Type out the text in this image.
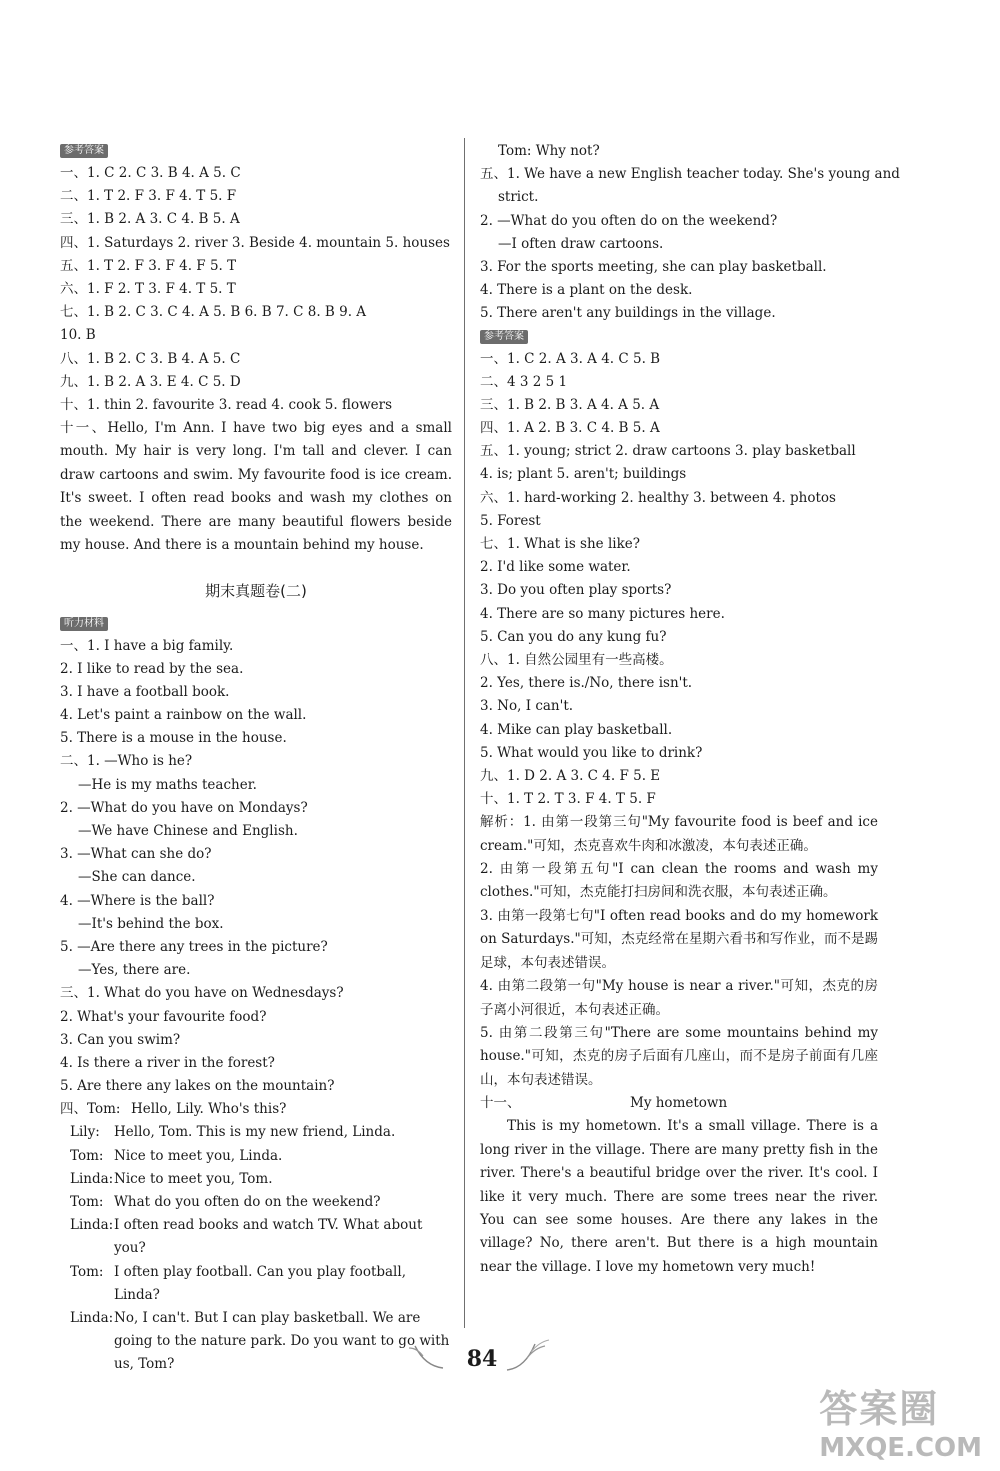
参考答案
一、1. C 2. C 3. B 4. A 5. C
二、1. T 2. F 3. F 4. T 5. F
三、1. B 2. A 3. C 4. B 5. A
四、1. Saturdays 2. river 3. Beside 4. mountain 5. houses
五、1. T 2. F 3. F 4. F 5. T
六、1. F 2. T 3. F 4. T 5. T
七、1. B 2. C 3. C 4. A 5. B 6. B 7. C 8. B 9. A
10. B
八、1. B 2. C 3. B 4. A 5. C
九、1. B 2. A 3. E 4. C 5. D
十、1. thin 2. favourite 3. read 4. cook 5. flowers
十一、Hello, I'm Ann. I have two big eyes and a small mouth. My hair is very long. I'm tall and clever. I can draw cartoons and swim. My favourite food is ice cream. It's sweet. I often read books and wash my clothes on the weekend. There are many beautiful flowers beside my house. And there is a mountain behind my house.
期末真题卷(二)
听力材料
一、1. I have a big family.
2. I like to read by the sea.
3. I have a football book.
4. Let's paint a rainbow on the wall.
5. There is a mouse in the house.
二、1. —Who is he?
—He is my maths teacher.
2. —What do you have on Mondays?
—We have Chinese and English.
3. —What can she do?
—She can dance.
4. —Where is the ball?
—It's behind the box.
5. —Are there any trees in the picture?
—Yes, there are.
三、1. What do you have on Wednesdays?
2. What's your favourite food?
3. Can you swim?
4. Is there a river in the forest?
5. Are there any lakes on the mountain?
四、 Tom: Hello, Lily. Who's this?
Lily:	Hello, Tom. This is my new friend, Linda.
Tom: Nice to meet you, Linda.
Linda: Nice to meet you, Tom.
Tom: What do you often do on the weekend?
Linda: I often read books and watch TV. What about you?
Tom: I often play football. Can you play football, Linda?
Linda: No, I can't. But I can play basketball. We are going to the nature park. Do you want to go with us, Tom?
Tom: Why not?
五、1. We have a new English teacher today. She's young and
strict.
2. —What do you often do on the weekend?
—I often draw cartoons.
3. For the sports meeting, she can play basketball.
4. There is a plant on the desk.
5. There aren't any buildings in the village.
参考答案
一、1. C 2. A 3. A 4. C 5. B
二、4 3 2 5 1
三、1. B 2. B 3. A 4. A 5. A
四、1. A 2. B 3. C 4. B 5. A
五、1. young; strict 2. draw cartoons 3. play basketball
4. is; plant 5. aren't; buildings
六、1. hard-working 2. healthy 3. between 4. photos
5. Forest
七、1. What is she like?
2. I'd like some water.
3. Do you often play sports?
4. There are so many pictures here.
5. Can you do any kung fu?
八、1. 自然公园里有一些高楼。
2. Yes, there is./No, there isn't.
3. No, I can't.
4. Mike can play basketball.
5. What would you like to drink?
九、1. D 2. A 3. C 4. F 5. E
十、1. T 2. T 3. F 4. T 5. F
解析：1. 由第一段第三句"My favourite food is beef and ice cream."可知，杰克喜欢牛肉和冰激凌，本句表述正确。
2. 由第一段第五句"I can clean the rooms and wash my clothes."可知，杰克能打扫房间和洗衣服，本句表述正确。
3. 由第一段第七句"I often read books and do my homework on Saturdays."可知，杰克经常在星期六看书和写作业，而不是踢足球，本句表述错误。
4. 由第二段第一句"My house is near a river."可知，杰克的房子离小河很近，本句表述正确。
5. 由第二段第三句"There are some mountains behind my house."可知，杰克的房子后面有几座山，而不是房子前面有几座山，本句表述错误。
十一、	My hometown
This is my hometown. It's a small village. There is a long river in the village. There are many pretty fish in the river. There's a beautiful bridge over the river. It's cool. I like it very much. There are some trees near the river. You can see some houses. Are there any lakes in the village? No, there aren't. But there is a high mountain near the village. I love my hometown very much!
84
答案圈
MXQE.COM
